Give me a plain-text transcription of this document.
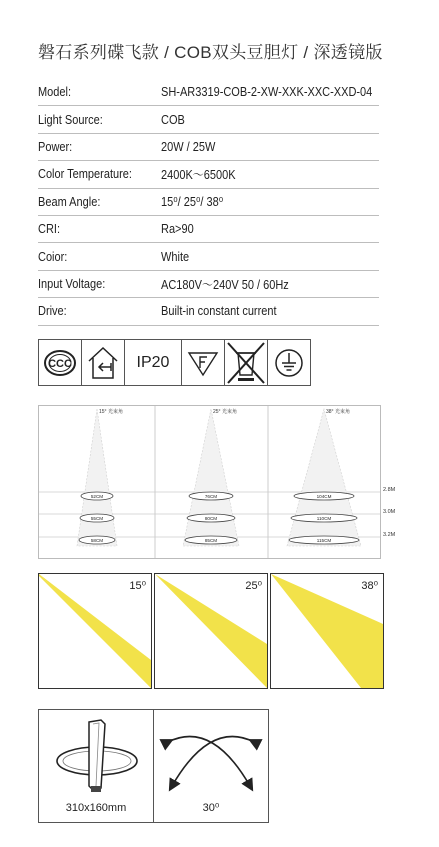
磐石系列碟飞款 / COB双头豆胆灯 / 深透镜版
Model:	SH-AR3319-COB-2-XW-XXK-XXC-XXD-04
Light Source:	COB
Power:	20W / 25W
Color Temperature:	2400K～6500K
Beam Angle:	15⁰/ 25⁰/ 38⁰
CRI:	Ra>90
Coior:	White
Input Voltage:	AC180V～240V 50 / 60Hz
Drive:	Built-in constant current
CCC	IP20
15° 光束角
52CM
55CM
58CM
25° 光束角
76CM
80CM
85CM
38° 光束角
104CM
110CM
115CM
2.8M
3.0M
3.2M
15⁰	25⁰	38⁰
310x160mm	30⁰
